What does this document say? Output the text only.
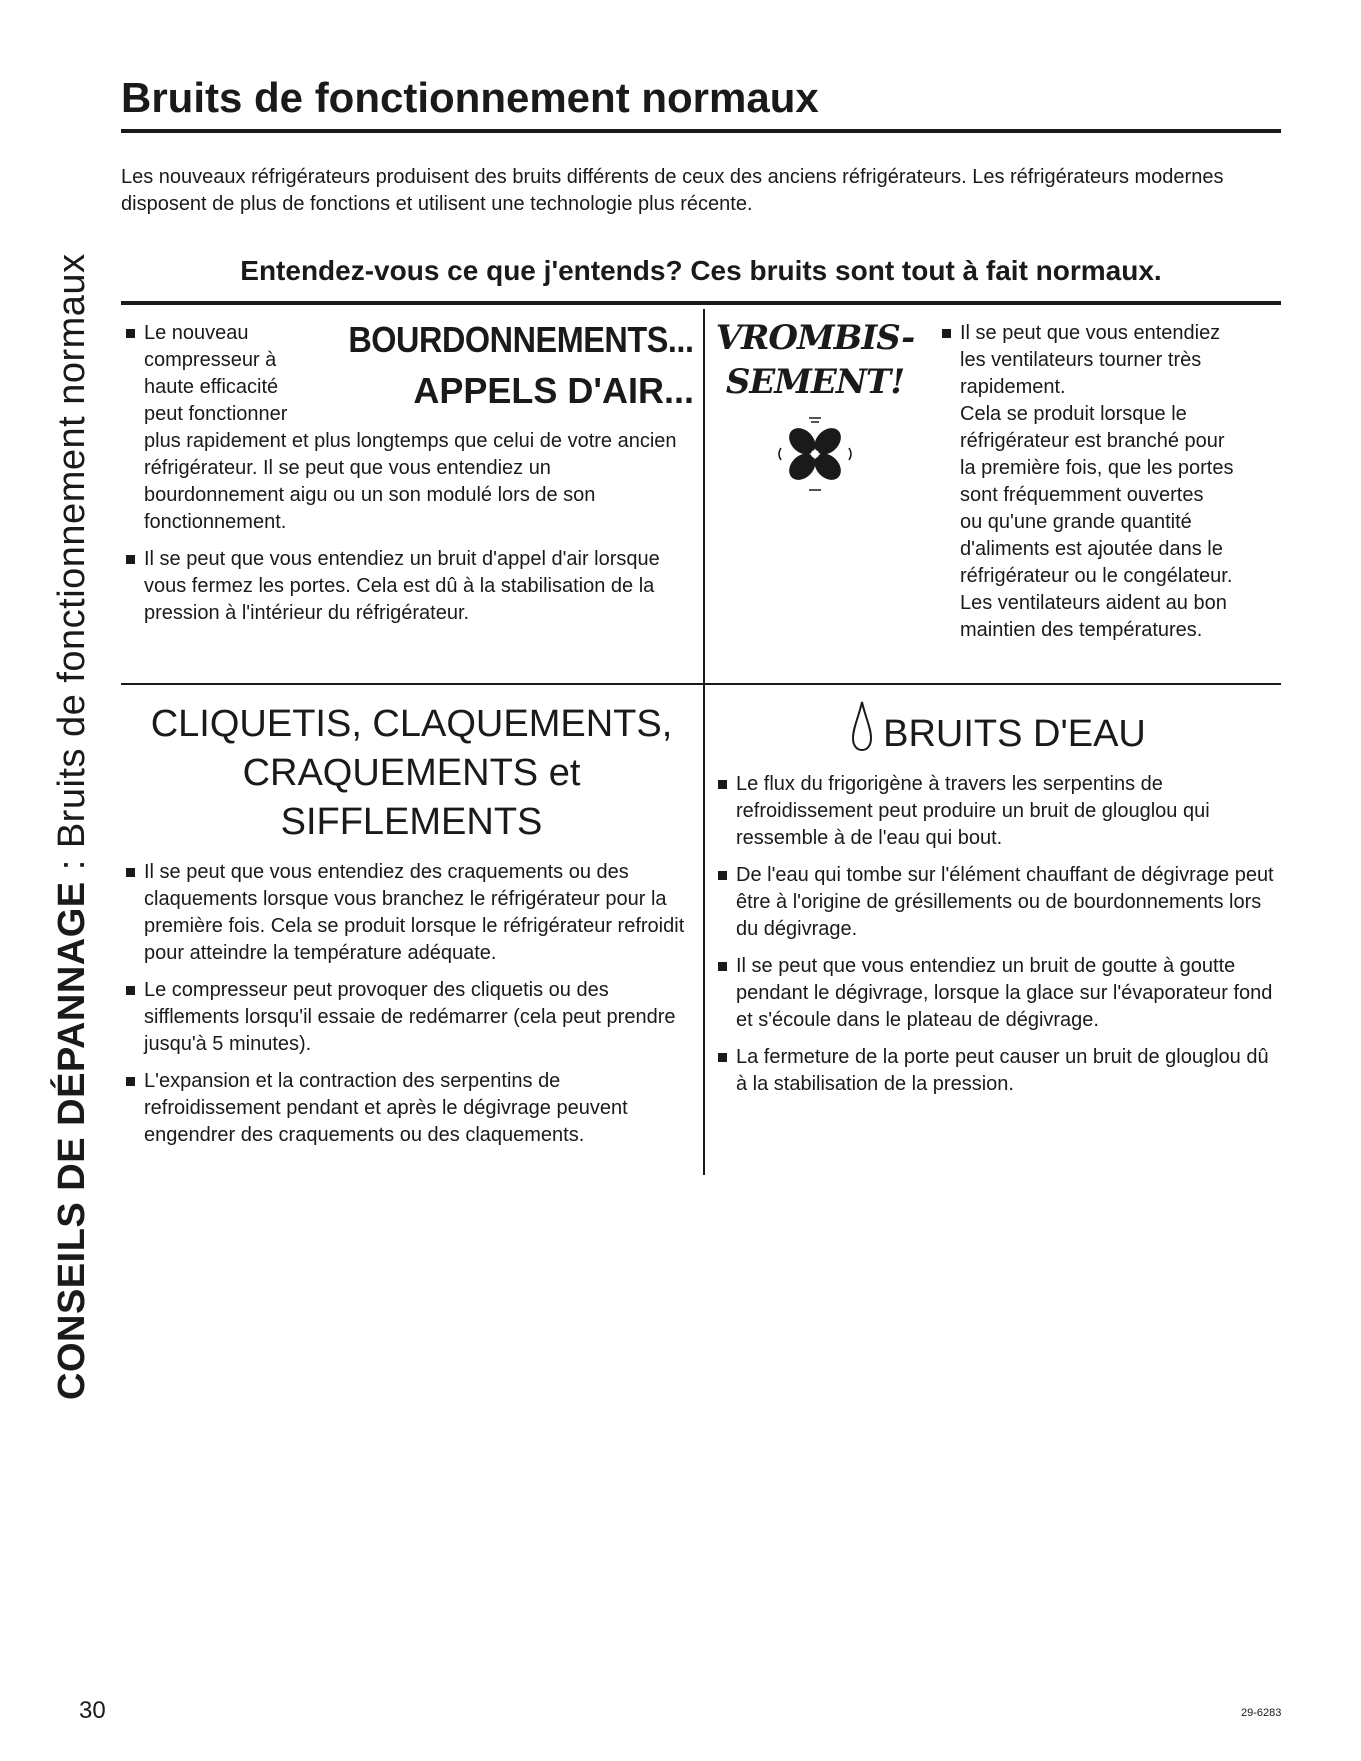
CONSEILS DE DÉPANNAGE : Bruits de fonctionnement normaux
Bruits de fonctionnement normaux

Les nouveaux réfrigérateurs produisent des bruits différents de ceux des anciens réfrigérateurs. Les réfrigérateurs modernes disposent de plus de fonctions et utilisent une technologie plus récente.

Entendez-vous ce que j'entends? Ces bruits sont tout à fait normaux.
BOURDONNEMENTS...
APPELS D'AIR...
Le nouveau compresseur à haute efficacité peut fonctionner plus rapidement et plus longtemps que celui de votre ancien réfrigérateur. Il se peut que vous entendiez un bourdonnement aigu ou un son modulé lors de son fonctionnement.
Il se peut que vous entendiez un bruit d'appel d'air lorsque vous fermez les portes. Cela est dû à la stabilisation de la pression à l'intérieur du réfrigérateur.
VROMBIS-
SEMENT!
Il se peut que vous entendiez
les ventilateurs tourner très
rapidement.
Cela se produit lorsque le
réfrigérateur est branché pour
la première fois, que les portes
sont fréquemment ouvertes
ou qu'une grande quantité
d'aliments est ajoutée dans le
réfrigérateur ou le congélateur.
Les ventilateurs aident au bon
maintien des températures.
CLIQUETIS, CLAQUEMENTS,
CRAQUEMENTS et
SIFFLEMENTS
Il se peut que vous entendiez des craquements ou des claquements lorsque vous branchez le réfrigérateur pour la première fois. Cela se produit lorsque le réfrigérateur refroidit pour atteindre la température adéquate.
Le compresseur peut provoquer des cliquetis ou des sifflements lorsqu'il essaie de redémarrer (cela peut prendre jusqu'à 5 minutes).
L'expansion et la contraction des serpentins de refroidissement pendant et après le dégivrage peuvent engendrer des craquements ou des claquements.
BRUITS D'EAU
Le flux du frigorigène à travers les serpentins de refroidissement peut produire un bruit de glouglou qui ressemble à de l'eau qui bout.
De l'eau qui tombe sur l'élément chauffant de dégivrage peut être à l'origine de grésillements ou de bourdonnements lors du dégivrage.
Il se peut que vous entendiez un bruit de goutte à goutte pendant le dégivrage, lorsque la glace sur l'évaporateur fond et s'écoule dans le plateau de dégivrage.
La fermeture de la porte peut causer un bruit de glouglou dû à la stabilisation de la pression.

30	29-6283
